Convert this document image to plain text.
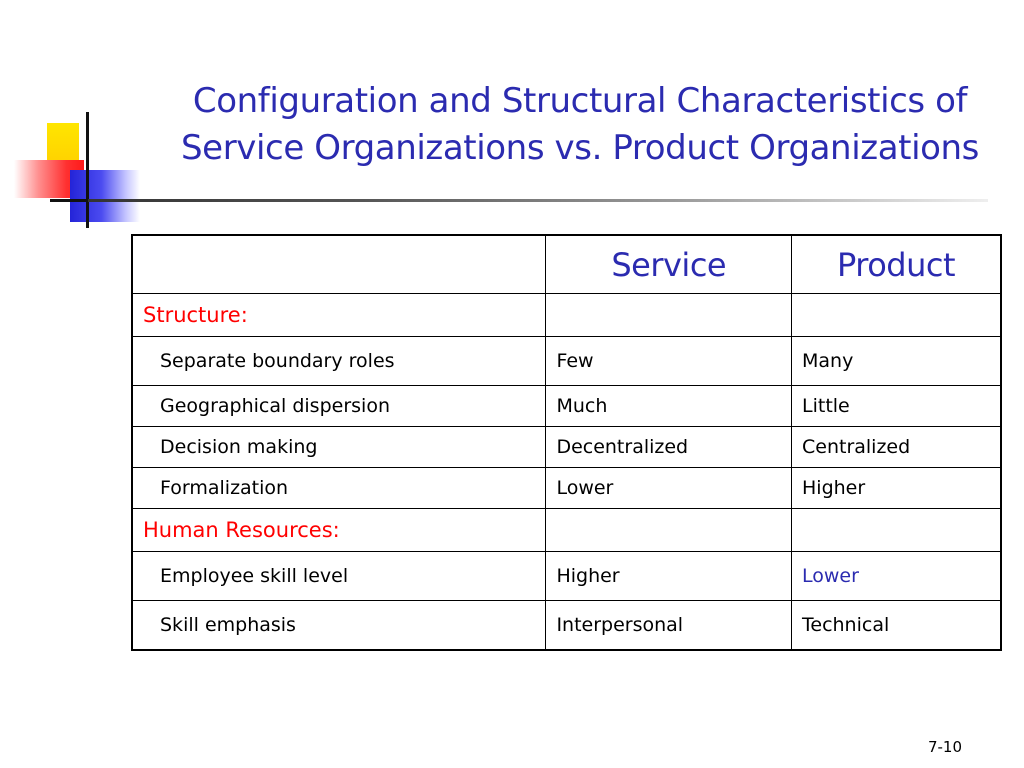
Configuration and Structural Characteristics of
Service Organizations vs. Product Organizations
	Service	Product
Structure:		
Separate boundary roles	Few	Many
Geographical dispersion	Much	Little
Decision making	Decentralized	Centralized
Formalization	Lower	Higher
Human Resources:		
Employee skill level	Higher	Lower
Skill emphasis	Interpersonal	Technical
7-10
